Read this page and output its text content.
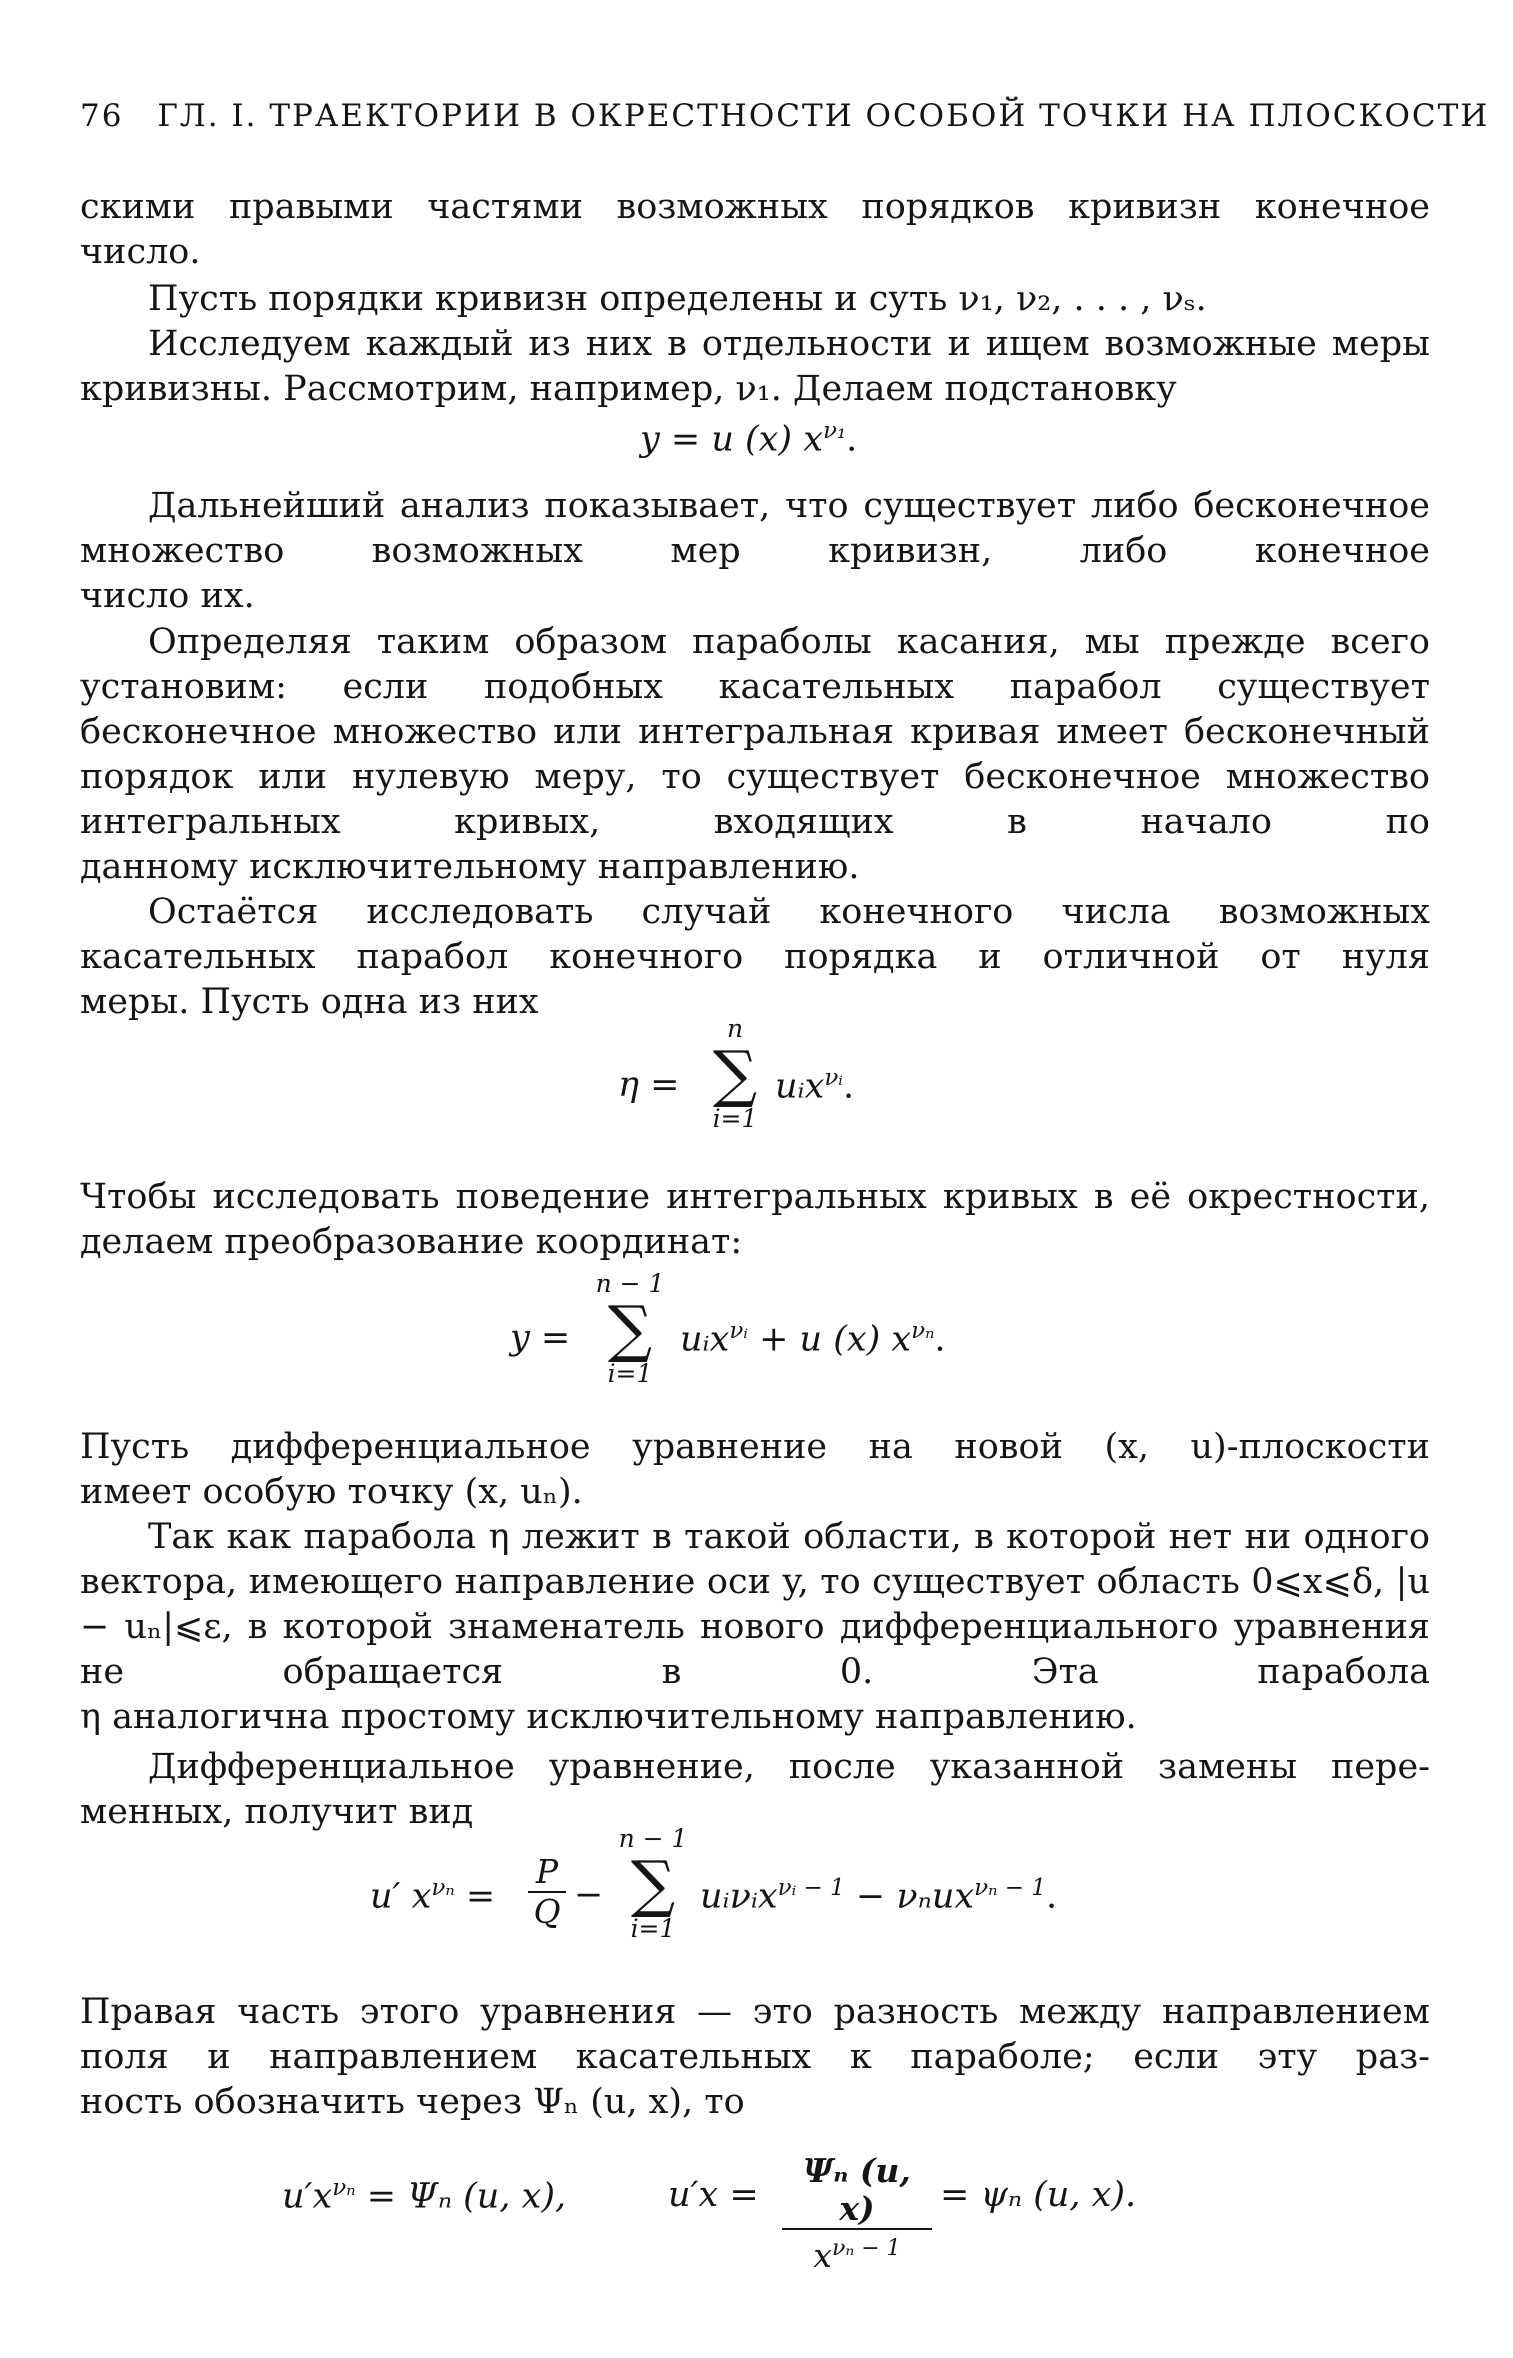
76 ГЛ. I. ТРАЕКТОРИИ В ОКРЕСТНОСТИ ОСОБОЙ ТОЧКИ НА ПЛОСКОСТИ
скими правыми частями возможных порядков кривизн конечное
число.
Пусть порядки кривизн определены и суть ν₁, ν₂, . . . , νₛ.
Исследуем каждый из них в отдельности и ищем возможные меры кривизны. Рассмотрим, например, ν₁. Делаем подстановку
y = u (x) $x^{\nu_1}$.
Дальнейший анализ показывает, что существует либо бесконечное множество возможных мер кривизн, либо конечное
число их.
Определяя таким образом параболы касания, мы прежде всего установим: если подобных касательных парабол существует бесконечное множество или интегральная кривая имеет бесконечный порядок или нулевую меру, то существует бесконечное множество интегральных кривых, входящих в начало по
данному исключительному направлению.
Остаётся исследовать случай конечного числа возможных касательных парабол конечного порядка и отличной от нуля
меры. Пусть одна из них
η =
n
∑
i=1
uᵢx$^{\nu ᵢ}$.
Чтобы исследовать поведение интегральных кривых в её окрестности, делаем преобразование координат:
y =
n − 1
∑
i=1
uᵢx$^{\nu ᵢ}$ + u (x) $x^{\nu_n}$.
Пусть дифференциальное уравнение на новой (x, u)-плоскости
имеет особую точку (x, uₙ).
Так как парабола η лежит в такой области, в которой нет ни одного вектора, имеющего направление оси y, то существует область 0⩽x⩽δ, |u − uₙ|⩽ε, в которой знаменатель нового дифференциального уравнения не обращается в 0. Эта парабола
η аналогична простому исключительному направлению.
Дифференциальное уравнение, после указанной замены пере-
менных, получит вид
u′ $x^{\nu_n} = \frac{P}{Q}$ −
n − 1
∑
i=1
uᵢνᵢx$^{\nu ᵢ - 1}$ − νₙux$^{\nu_n - 1}$.
Правая часть этого уравнения — это разность между направлением поля и направлением касательных к параболе; если эту раз-
ность обозначить через Ψₙ (u, x), то
$u'x^{\nu_n} = \Psi_n$ (u, x),	u′x =
Ψₙ (u, x)
$x^{\nu_n - 1}$
= ψₙ (u, x).
